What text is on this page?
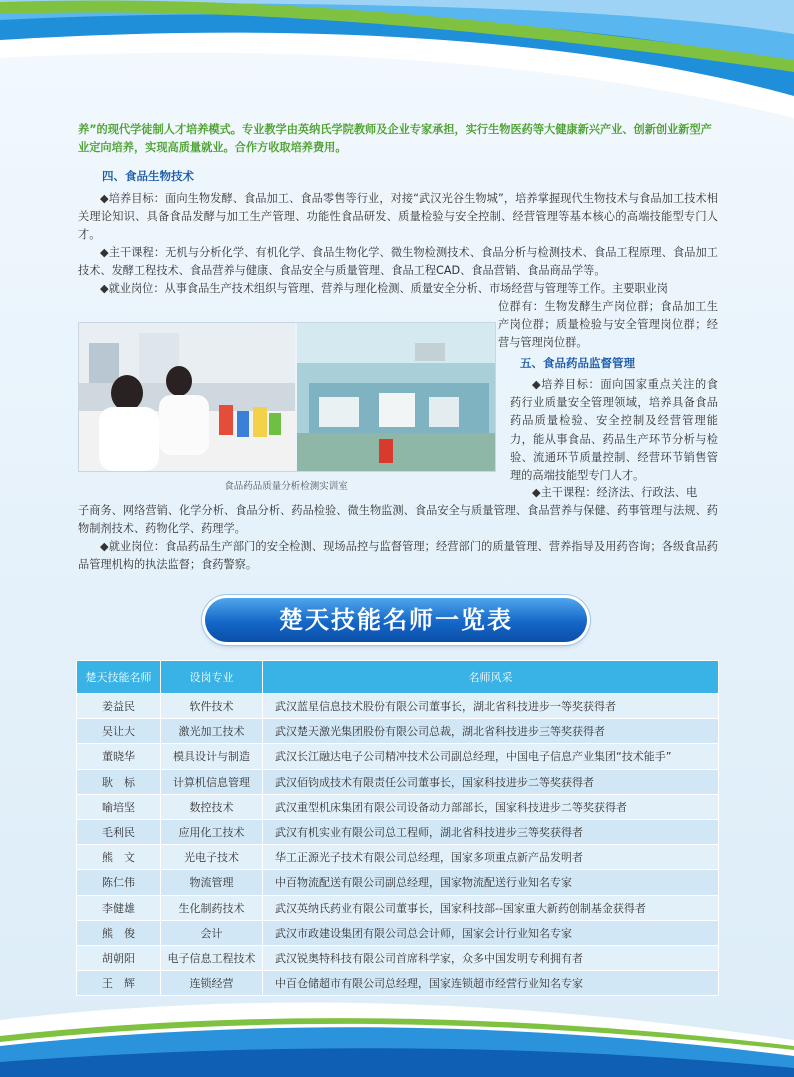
养”的现代学徒制人才培养模式。专业教学由英纳氏学院教师及企业专家承担，实行生物医药等大健康新兴产业、创新创业新型产业定向培养，实现高质量就业。合作方收取培养费用。
四、食品生物技术
◆培养目标：面向生物发酵、食品加工、食品零售等行业，对接“武汉光谷生物城”，培养掌握现代生物技术与食品加工技术相关理论知识、具备食品发酵与加工生产管理、功能性食品研发、质量检验与安全控制、经营管理等基本核心的高端技能型专门人才。
◆主干课程：无机与分析化学、有机化学、食品生物化学、微生物检测技术、食品分析与检测技术、食品工程原理、食品加工技术、发酵工程技术、食品营养与健康、食品安全与质量管理、食品工程CAD、食品营销、食品商品学等。
◆就业岗位：从事食品生产技术组织与管理、营养与理化检测、质量安全分析、市场经营与管理等工作。主要职业岗
位群有：生物发酵生产岗位群；食品加工生产岗位群；质量检验与安全管理岗位群；经营与管理岗位群。
食品药品质量分析检测实训室
五、食品药品监督管理
◆培养目标：面向国家重点关注的食药行业质量安全管理领域，培养具备食品药品质量检验、安全控制及经营管理能力，能从事食品、药品生产环节分析与检验、流通环节质量控制、经营环节销售管理的高端技能型专门人才。
◆主干课程：经济法、行政法、电
子商务、网络营销、化学分析、食品分析、药品检验、微生物监测、食品安全与质量管理、食品营养与保健、药事管理与法规、药物制剂技术、药物化学、药理学。
◆就业岗位：食品药品生产部门的安全检测、现场品控与监督管理；经营部门的质量管理、营养指导及用药咨询；各级食品药品管理机构的执法监督；食药警察。
楚天技能名师一览表
楚天技能名师	设岗专业	名师风采
姜益民	软件技术	武汉蓝星信息技术股份有限公司董事长，湖北省科技进步一等奖获得者
吴让大	激光加工技术	武汉楚天激光集团股份有限公司总裁，湖北省科技进步三等奖获得者
董晓华	模具设计与制造	武汉长江融达电子公司精冲技术公司副总经理，中国电子信息产业集团“技术能手”
耿　标	计算机信息管理	武汉佰钧成技术有限责任公司董事长，国家科技进步二等奖获得者
喻培坚	数控技术	武汉重型机床集团有限公司设备动力部部长，国家科技进步二等奖获得者
毛利民	应用化工技术	武汉有机实业有限公司总工程师，湖北省科技进步三等奖获得者
熊　文	光电子技术	华工正源光子技术有限公司总经理，国家多项重点新产品发明者
陈仁伟	物流管理	中百物流配送有限公司副总经理，国家物流配送行业知名专家
李健雄	生化制药技术	武汉英纳氏药业有限公司董事长，国家科技部--国家重大新药创制基金获得者
熊　俊	会计	武汉市政建设集团有限公司总会计师，国家会计行业知名专家
胡朝阳	电子信息工程技术	武汉锐奥特科技有限公司首席科学家，众多中国发明专利拥有者
王　辉	连锁经营	中百仓储超市有限公司总经理，国家连锁超市经营行业知名专家
